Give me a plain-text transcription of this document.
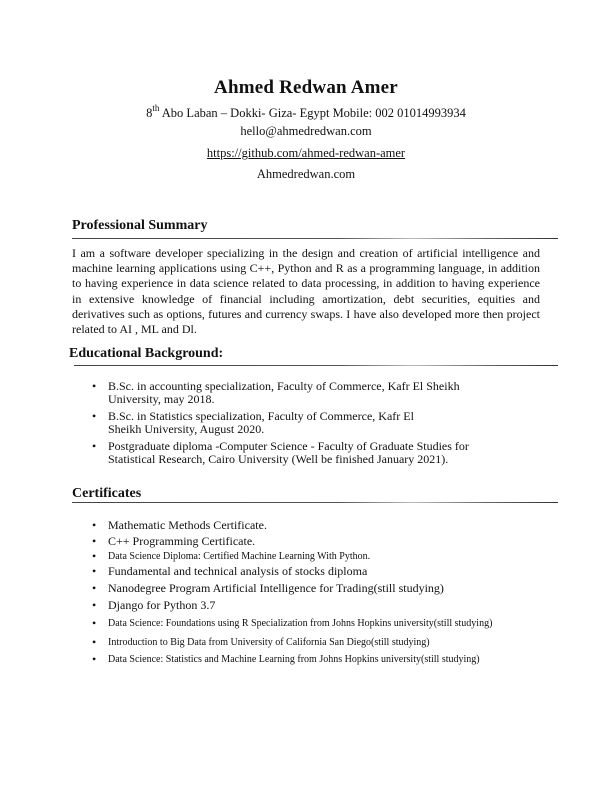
Ahmed Redwan Amer
8th Abo Laban – Dokki- Giza- Egypt Mobile: 002 01014993934
hello@ahmedredwan.com
https://github.com/ahmed-redwan-amer
Ahmedredwan.com
Professional Summary
I am a software developer specializing in the design and creation of artificial intelligence and machine learning applications using C++, Python and R as a programming language, in addition to having experience in data science related to data processing, in addition to having experience in extensive knowledge of financial including amortization, debt securities, equities and derivatives such as options, futures and currency swaps. I have also developed more then project related to AI , ML and Dl.
Educational Background:
• B.Sc. in accounting specialization, Faculty of Commerce, Kafr El Sheikh University, may 2018.
• B.Sc. in Statistics specialization, Faculty of Commerce, Kafr El Sheikh University, August 2020.
• Postgraduate diploma -Computer Science - Faculty of Graduate Studies for Statistical Research, Cairo University (Well be finished January 2021).
Certificates
• Mathematic Methods Certificate.
• C++ Programming Certificate.
• Data Science Diploma: Certified Machine Learning With Python.
• Fundamental and technical analysis of stocks diploma
• Nanodegree Program Artificial Intelligence for Trading(still studying)
• Django for Python 3.7
• Data Science: Foundations using R Specialization from Johns Hopkins university(still studying)
• Introduction to Big Data from University of California San Diego(still studying)
• Data Science: Statistics and Machine Learning from Johns Hopkins university(still studying)
